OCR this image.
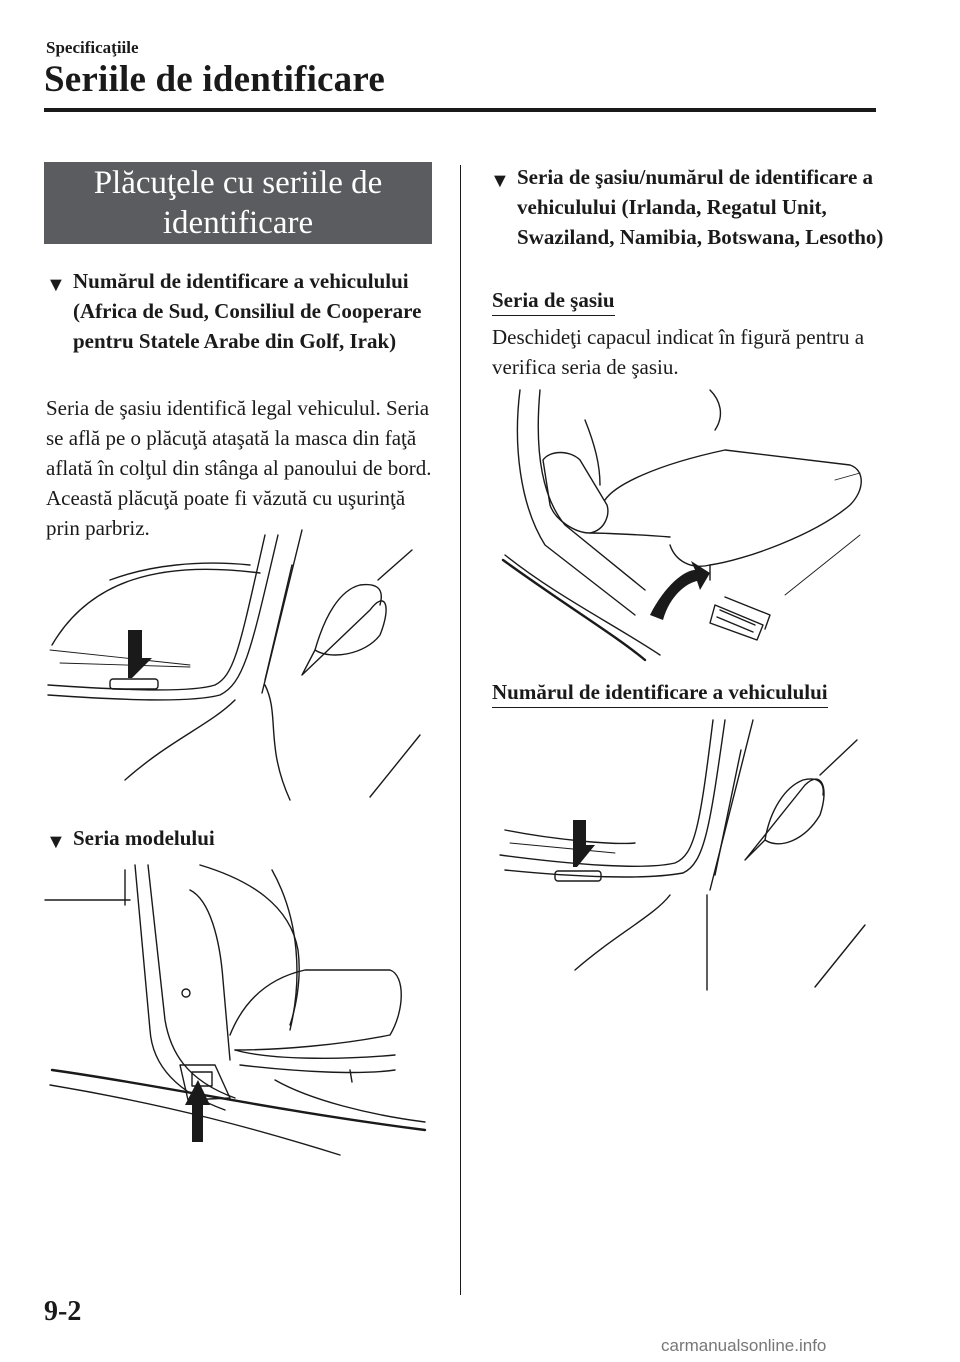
Specificaţiile
Seriile de identificare
Plăcuţele cu seriile de identificare
▼ Numărul de identificare a vehiculului (Africa de Sud, Consiliul de Cooperare pentru Statele Arabe din Golf, Irak)
Seria de şasiu identifică legal vehiculul. Seria se află pe o plăcuţă ataşată la masca din faţă aflată în colţul din stânga al panoului de bord. Această plăcuţă poate fi văzută cu uşurinţă prin parbriz.
▼ Seria modelului
▼ Seria de şasiu/numărul de identificare a vehiculului (Irlanda, Regatul Unit, Swaziland, Namibia, Botswana, Lesotho)
Seria de şasiu
Deschideţi capacul indicat în figură pentru a verifica seria de şasiu.
Numărul de identificare a vehiculului
9-2
carmanualsonline.info
